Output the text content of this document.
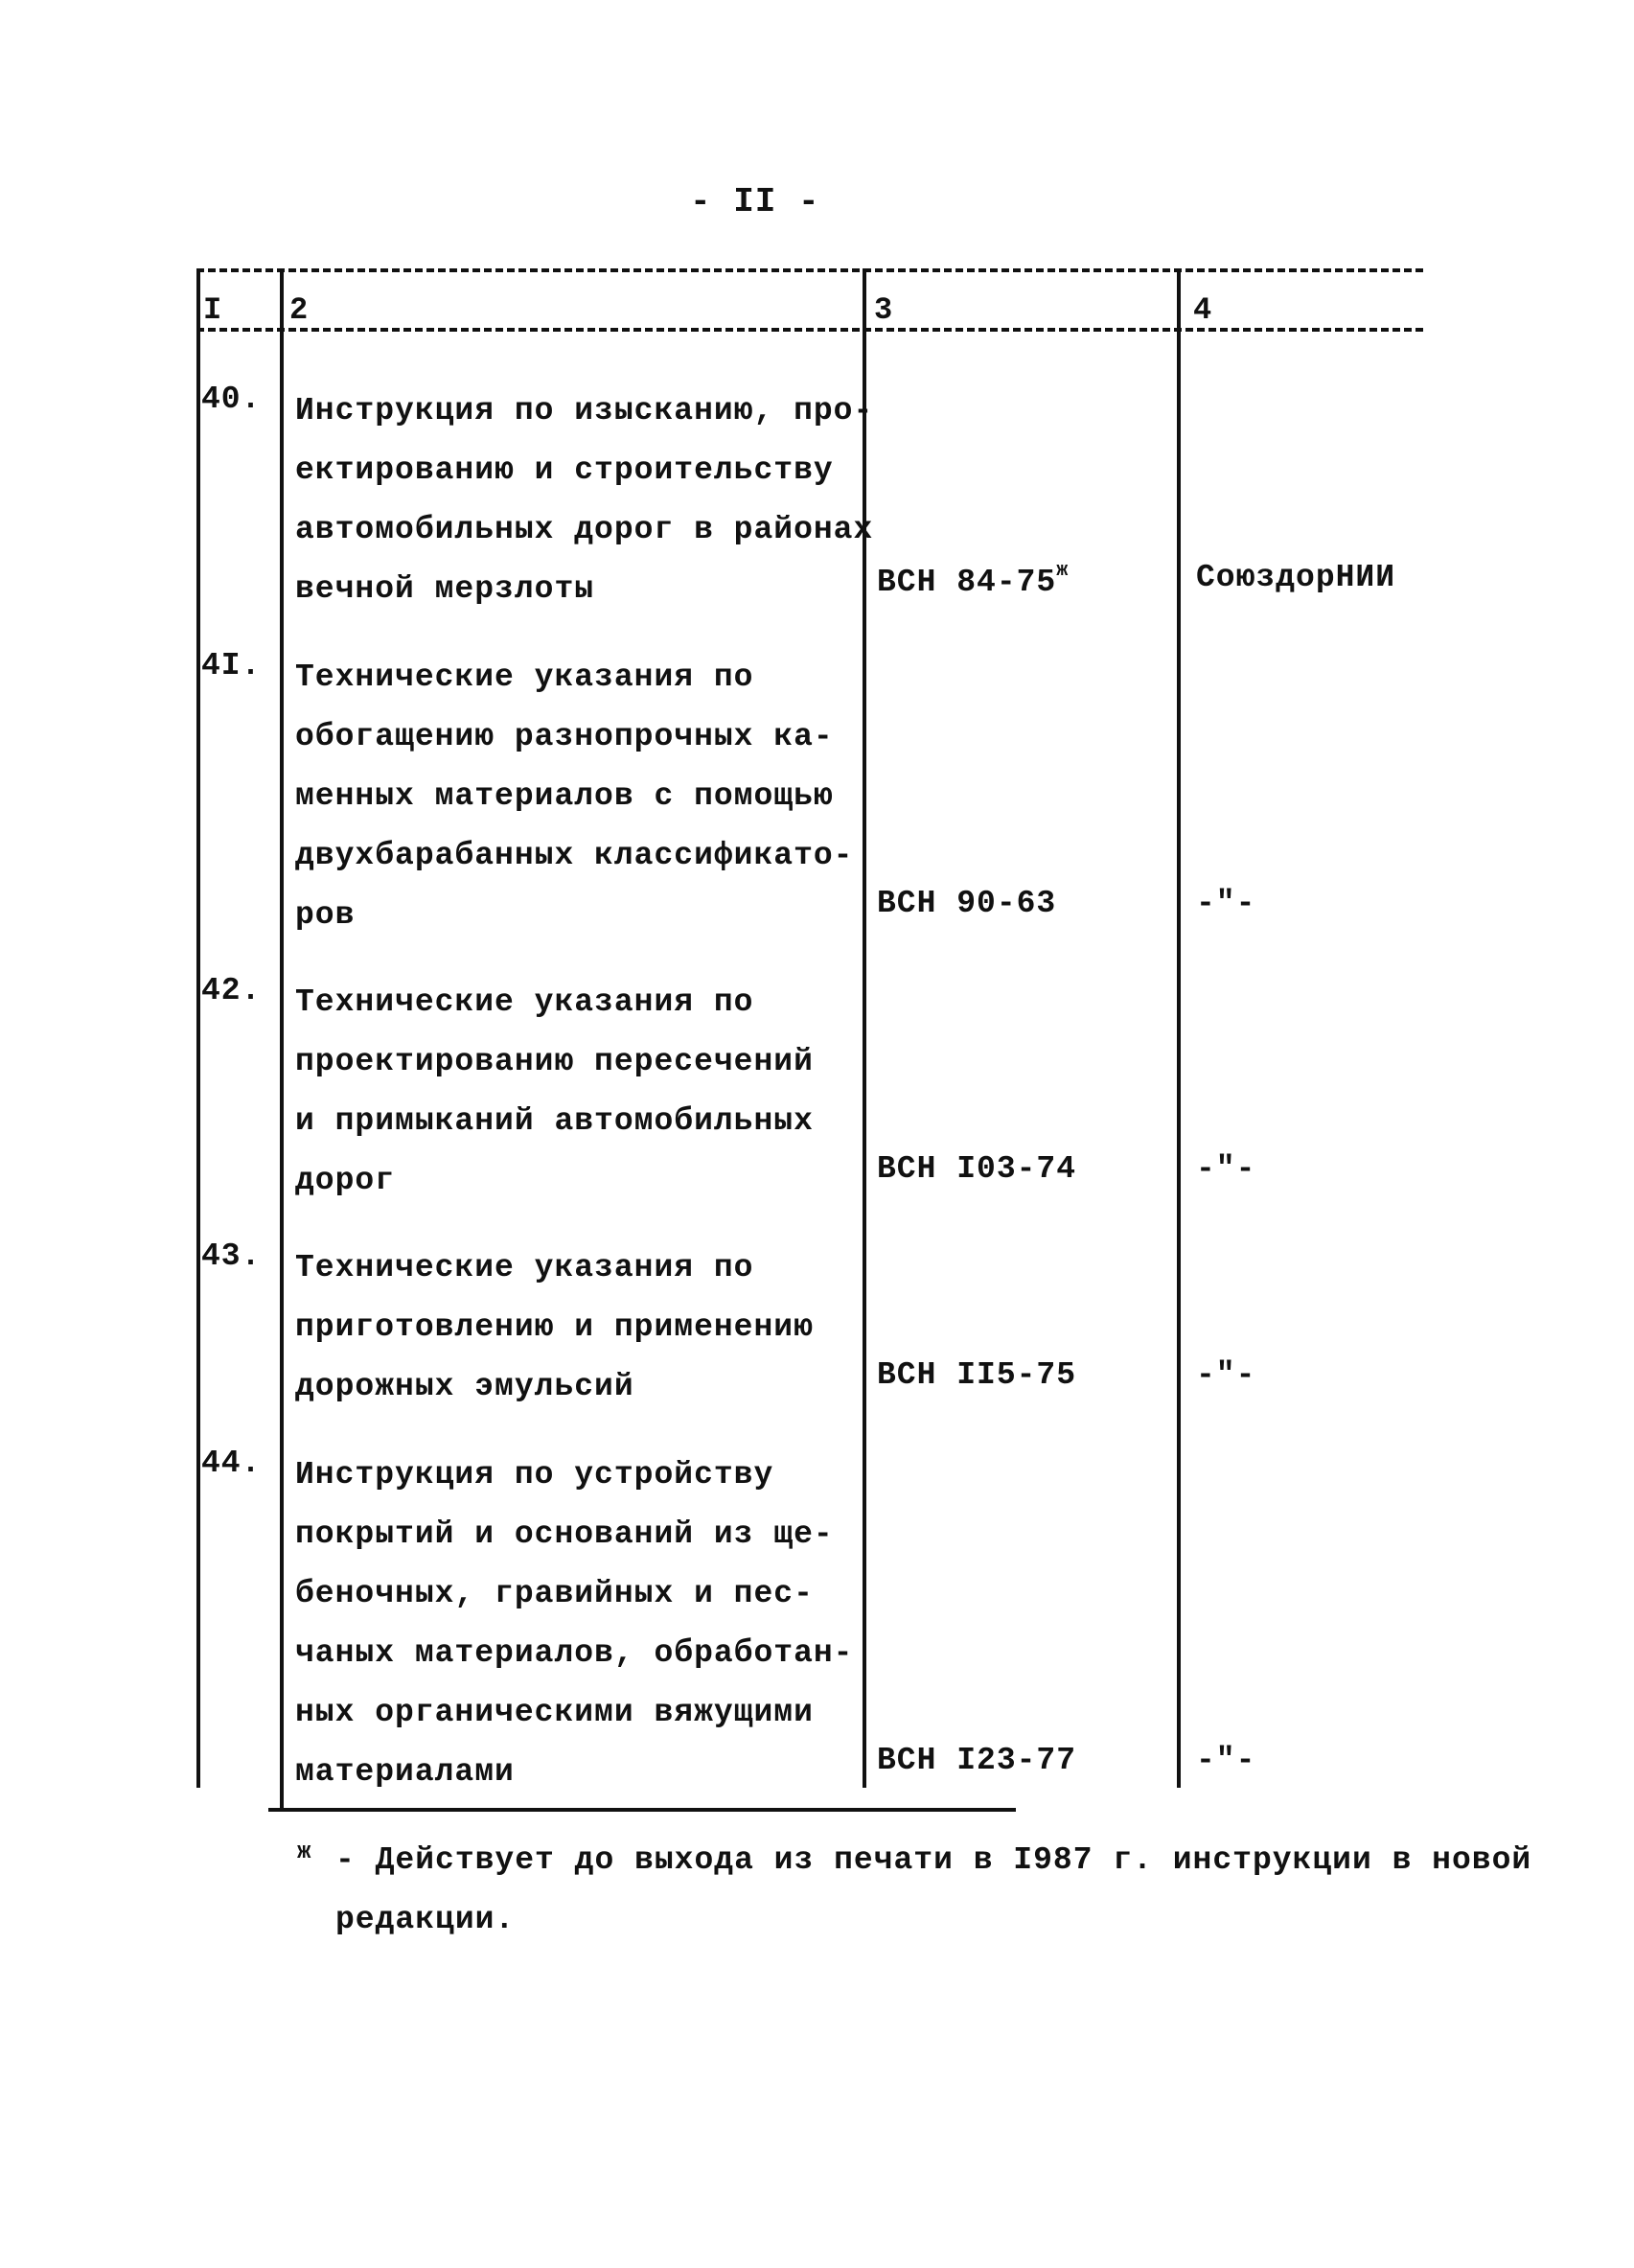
- II -
I 2	3	4
40. Инструкция по изысканию, про-
ектированию и строительству
автомобильных дорог в районах
вечной мерзлоты	ВСН $84-75^ж$	СоюздорНИИ
4I. Технические указания по
обогащению разнопрочных ка-
менных материалов с помощью
двухбарабанных классификато-
ров	ВСН 90-63	-"-
42. Технические указания по
проектированию пересечений
и примыканий автомобильных
дорог	ВСН I03-74	-"-
43. Технические указания по
приготовлению и применению
дорожных эмульсий	ВСН II5-75	-"-
44. Инструкция по устройству
покрытий и оснований из ще-
беночных, гравийных и пес-
чаных материалов, обработан-
ных органическими вяжущими
материалами	ВСН I23-77	-"-
ж - Действует до выхода из печати в I987 г. инструкции в новой
редакции.
